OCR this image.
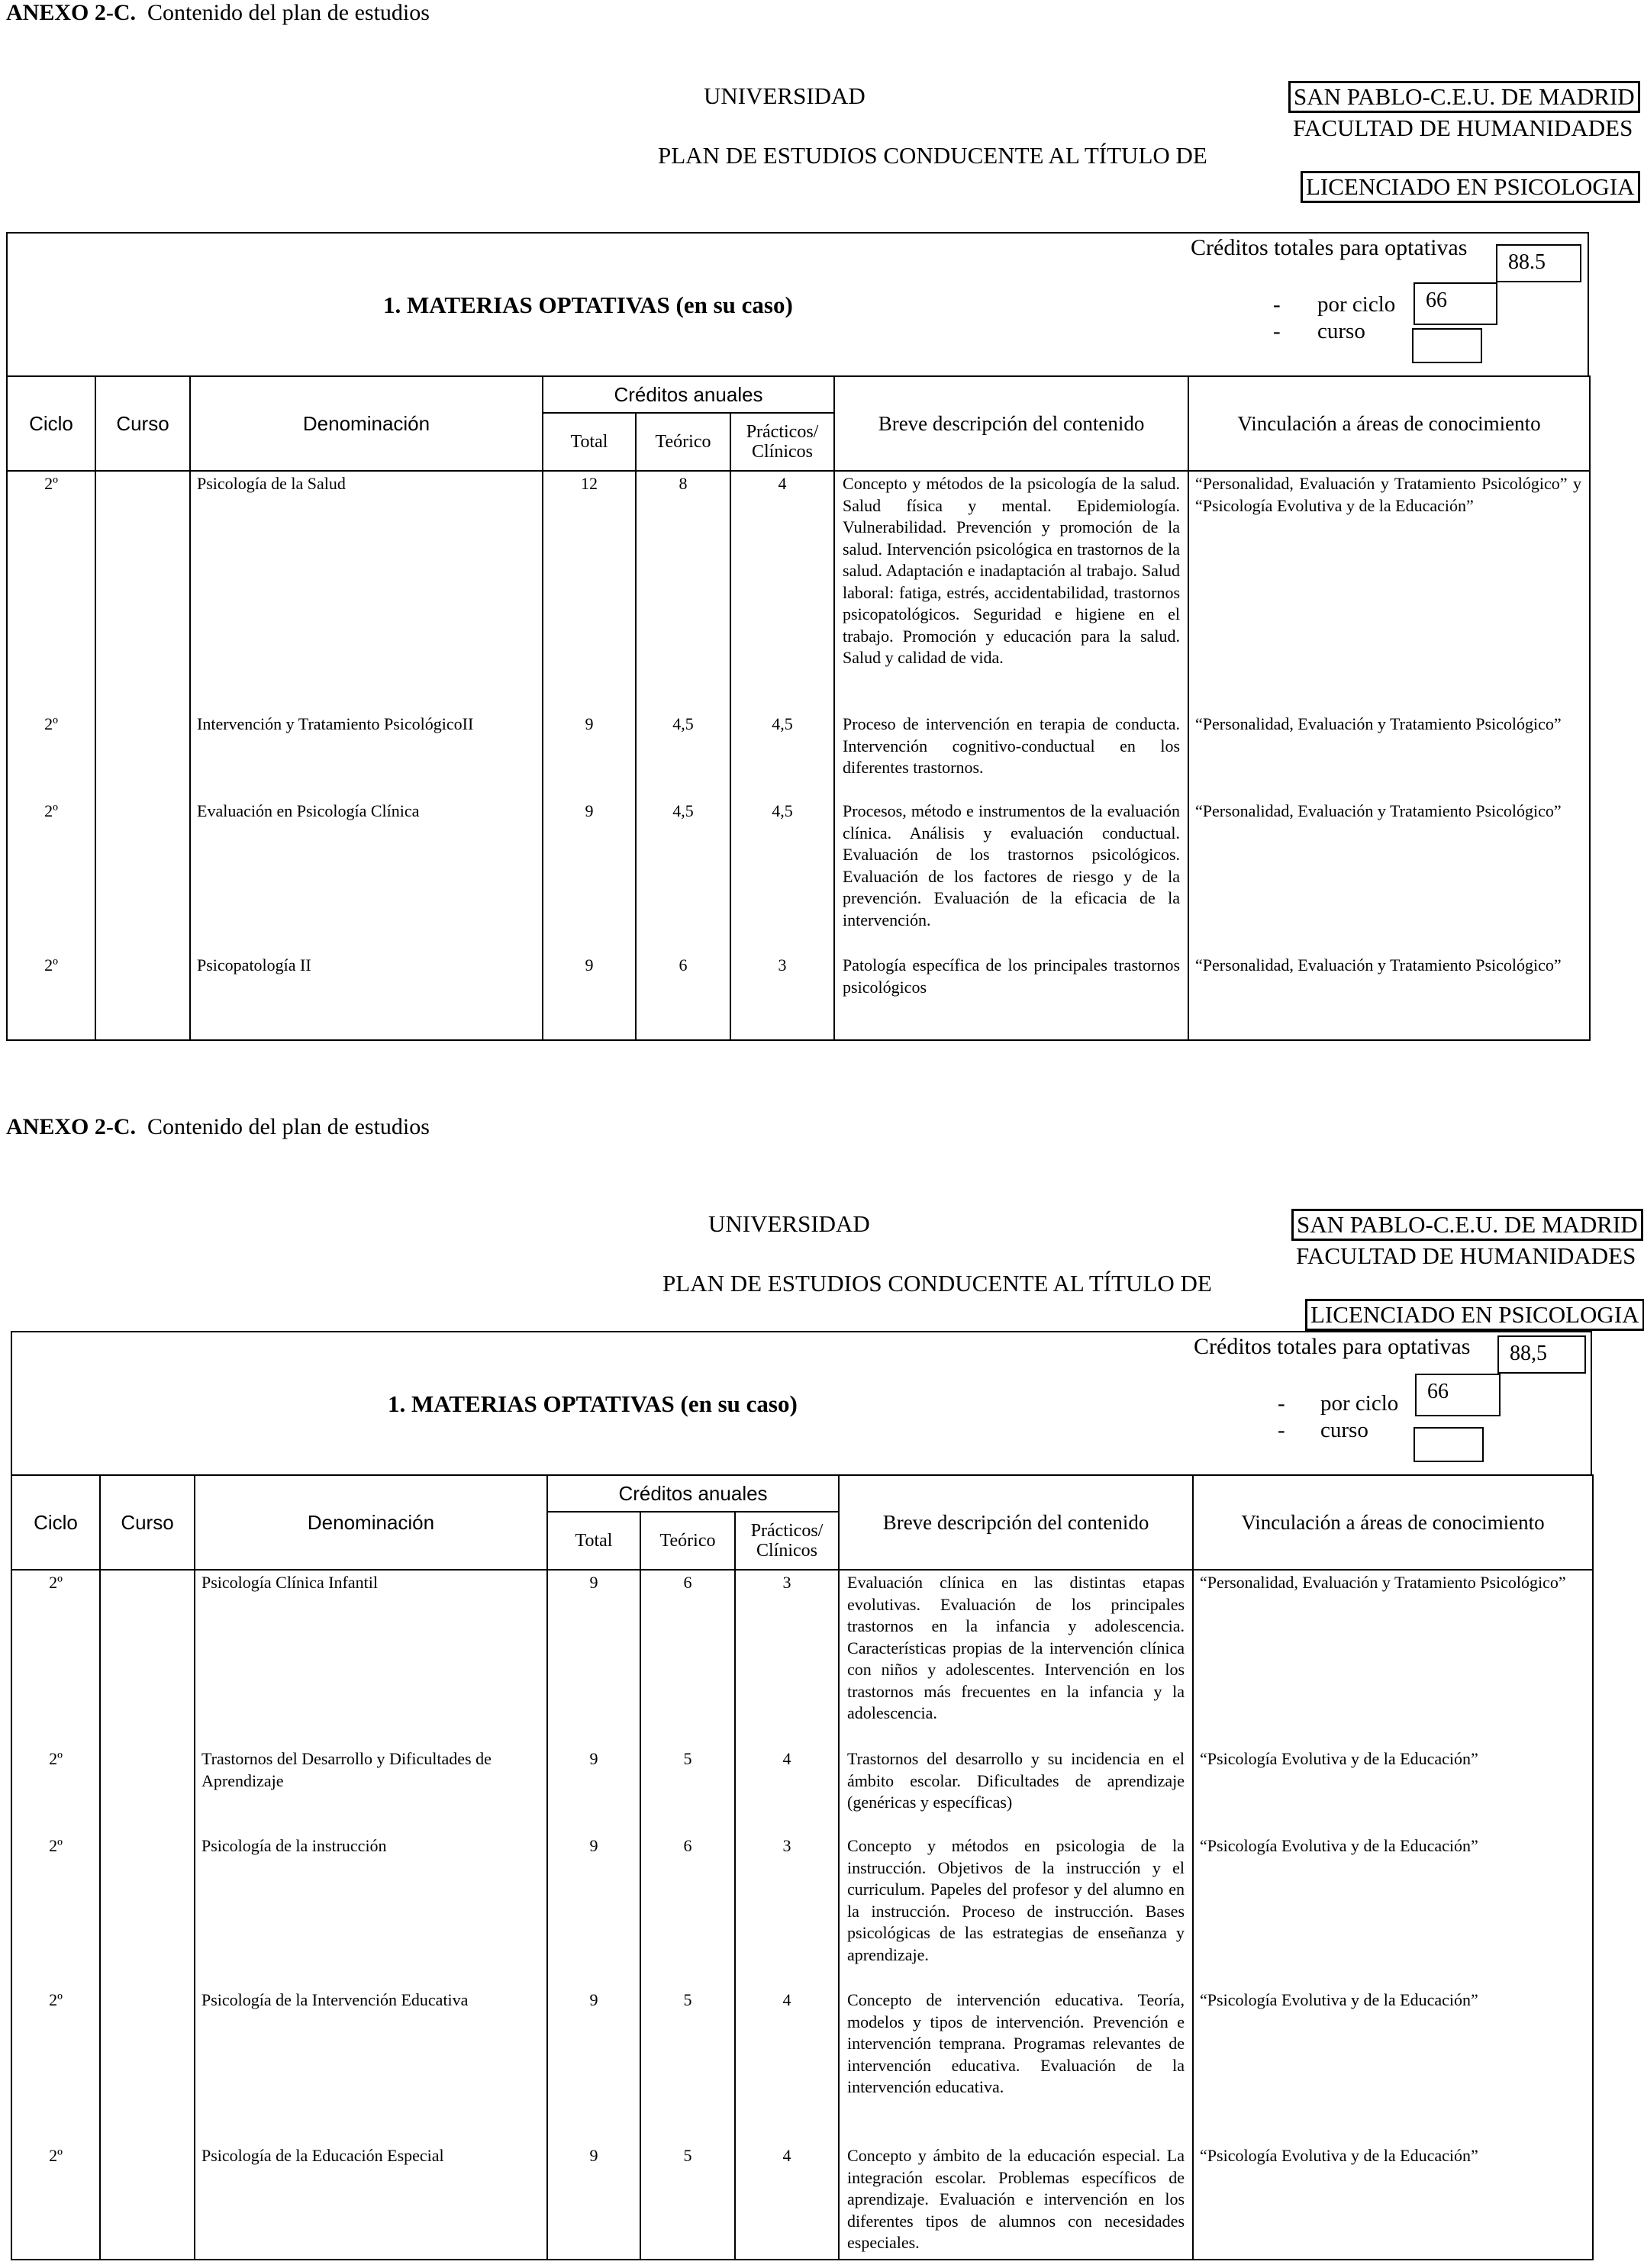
ANEXO 2-C. Contenido del plan de estudios
UNIVERSIDAD	SAN PABLO-C.E.U. DE MADRID
FACULTAD DE HUMANIDADES
PLAN DE ESTUDIOS CONDUCENTE AL TÍTULO DE
LICENCIADO EN PSICOLOGIA
1. MATERIAS OPTATIVAS (en su caso)
Créditos totales para optativas
88.5
- por ciclo	66
- curso
Ciclo	Curso	Denominación	Créditos anuales			Breve descripción del contenido	Vinculación a áreas de conocimiento
			Total	Teórico	Prácticos/ Clínicos		
2º		Psicología de la Salud	12	8	4	Concepto y métodos de la psicología de la salud. Salud física y mental. Epidemiología. Vulnerabilidad. Prevención y promoción de la salud. Intervención psicológica en trastornos de la salud. Adaptación e inadaptación al trabajo. Salud laboral: fatiga, estrés, accidentabilidad, trastornos psicopatológicos. Seguridad e higiene en el trabajo. Promoción y educación para la salud. Salud y calidad de vida.	“Personalidad, Evaluación y Tratamiento Psicológico” y “Psicología Evolutiva y de la Educación”
2º		Intervención y Tratamiento PsicológicoII	9	4,5	4,5	Proceso de intervención en terapia de conducta. Intervención cognitivo-conductual en los diferentes trastornos.	“Personalidad, Evaluación y Tratamiento Psicológico”
2º		Evaluación en Psicología Clínica	9	4,5	4,5	Procesos, método e instrumentos de la evaluación clínica. Análisis y evaluación conductual. Evaluación de los trastornos psicológicos. Evaluación de los factores de riesgo y de la prevención. Evaluación de la eficacia de la intervención.	“Personalidad, Evaluación y Tratamiento Psicológico”
2º		Psicopatología II	9	6	3	Patología específica de los principales trastornos psicológicos	“Personalidad, Evaluación y Tratamiento Psicológico”
ANEXO 2-C. Contenido del plan de estudios
UNIVERSIDAD	SAN PABLO-C.E.U. DE MADRID
FACULTAD DE HUMANIDADES
PLAN DE ESTUDIOS CONDUCENTE AL TÍTULO DE
LICENCIADO EN PSICOLOGIA
1. MATERIAS OPTATIVAS (en su caso)
Créditos totales para optativas	88,5
- por ciclo	66
- curso
Ciclo	Curso	Denominación	Créditos anuales			Breve descripción del contenido	Vinculación a áreas de conocimiento
			Total	Teórico	Prácticos/ Clínicos		
2º		Psicología Clínica Infantil	9	6	3	Evaluación clínica en las distintas etapas evolutivas. Evaluación de los principales trastornos en la infancia y adolescencia. Características propias de la intervención clínica con niños y adolescentes. Intervención en los trastornos más frecuentes en la infancia y la adolescencia.	“Personalidad, Evaluación y Tratamiento Psicológico”
2º		Trastornos del Desarrollo y Dificultades de Aprendizaje	9	5	4	Trastornos del desarrollo y su incidencia en el ámbito escolar. Dificultades de aprendizaje (genéricas y específicas)	“Psicología Evolutiva y de la Educación”
2º		Psicología de la instrucción	9	6	3	Concepto y métodos en psicologia de la instrucción. Objetivos de la instrucción y el curriculum. Papeles del profesor y del alumno en la instrucción. Proceso de instrucción. Bases psicológicas de las estrategias de enseñanza y aprendizaje.	“Psicología Evolutiva y de la Educación”
2º		Psicología de la Intervención Educativa	9	5	4	Concepto de intervención educativa. Teoría, modelos y tipos de intervención. Prevención e intervención temprana. Programas relevantes de intervención educativa. Evaluación de la intervención educativa.	“Psicología Evolutiva y de la Educación”
2º		Psicología de la Educación Especial	9	5	4	Concepto y ámbito de la educación especial. La integración escolar. Problemas específicos de aprendizaje. Evaluación e intervención en los diferentes tipos de alumnos con necesidades especiales.	“Psicología Evolutiva y de la Educación”
